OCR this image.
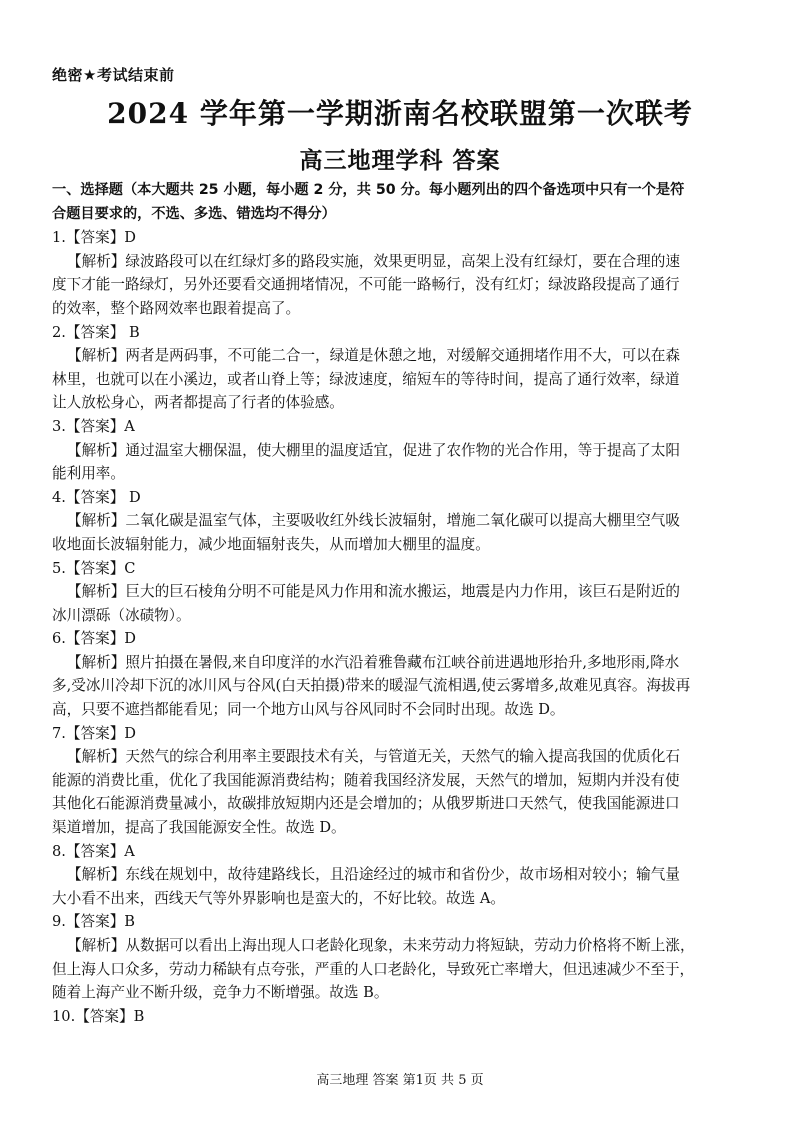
绝密★考试结束前
2024 学年第一学期浙南名校联盟第一次联考
高三地理学科 答案
一、选择题（本大题共 25 小题，每小题 2 分，共 50 分。每小题列出的四个备选项中只有一个是符
合题目要求的，不选、多选、错选均不得分）
1.【答案】D
【解析】绿波路段可以在红绿灯多的路段实施，效果更明显，高架上没有红绿灯，要在合理的速
度下才能一路绿灯，另外还要看交通拥堵情况，不可能一路畅行，没有红灯；绿波路段提高了通行
的效率，整个路网效率也跟着提高了。
2.【答案】 B
【解析】两者是两码事，不可能二合一，绿道是休憩之地，对缓解交通拥堵作用不大，可以在森
林里，也就可以在小溪边，或者山脊上等；绿波速度，缩短车的等待时间，提高了通行效率，绿道
让人放松身心，两者都提高了行者的体验感。
3.【答案】A
【解析】通过温室大棚保温，使大棚里的温度适宜，促进了农作物的光合作用，等于提高了太阳
能利用率。
4.【答案】 D
【解析】二氧化碳是温室气体，主要吸收红外线长波辐射，增施二氧化碳可以提高大棚里空气吸
收地面长波辐射能力，减少地面辐射丧失，从而增加大棚里的温度。
5.【答案】C
【解析】巨大的巨石棱角分明不可能是风力作用和流水搬运，地震是内力作用，该巨石是附近的
冰川漂砾（冰碛物）。
6.【答案】D
【解析】照片拍摄在暑假,来自印度洋的水汽沿着雅鲁藏布江峡谷前进遇地形抬升,多地形雨,降水
多,受冰川冷却下沉的冰川风与谷风(白天拍摄)带来的暖湿气流相遇,使云雾增多,故难见真容。海拔再
高，只要不遮挡都能看见；同一个地方山风与谷风同时不会同时出现。故选 D。
7.【答案】D
【解析】天然气的综合利用率主要跟技术有关，与管道无关，天然气的输入提高我国的优质化石
能源的消费比重，优化了我国能源消费结构；随着我国经济发展，天然气的增加，短期内并没有使
其他化石能源消费量减小，故碳排放短期内还是会增加的；从俄罗斯进口天然气，使我国能源进口
渠道增加，提高了我国能源安全性。故选 D。
8.【答案】A
【解析】东线在规划中，故待建路线长，且沿途经过的城市和省份少，故市场相对较小；输气量
大小看不出来，西线天气等外界影响也是蛮大的，不好比较。故选 A。
9.【答案】B
【解析】从数据可以看出上海出现人口老龄化现象，未来劳动力将短缺，劳动力价格将不断上涨，
但上海人口众多，劳动力稀缺有点夸张，严重的人口老龄化，导致死亡率增大，但迅速减少不至于，
随着上海产业不断升级，竞争力不断增强。故选 B。
10.【答案】B
高三地理 答案 第1页 共 5 页
